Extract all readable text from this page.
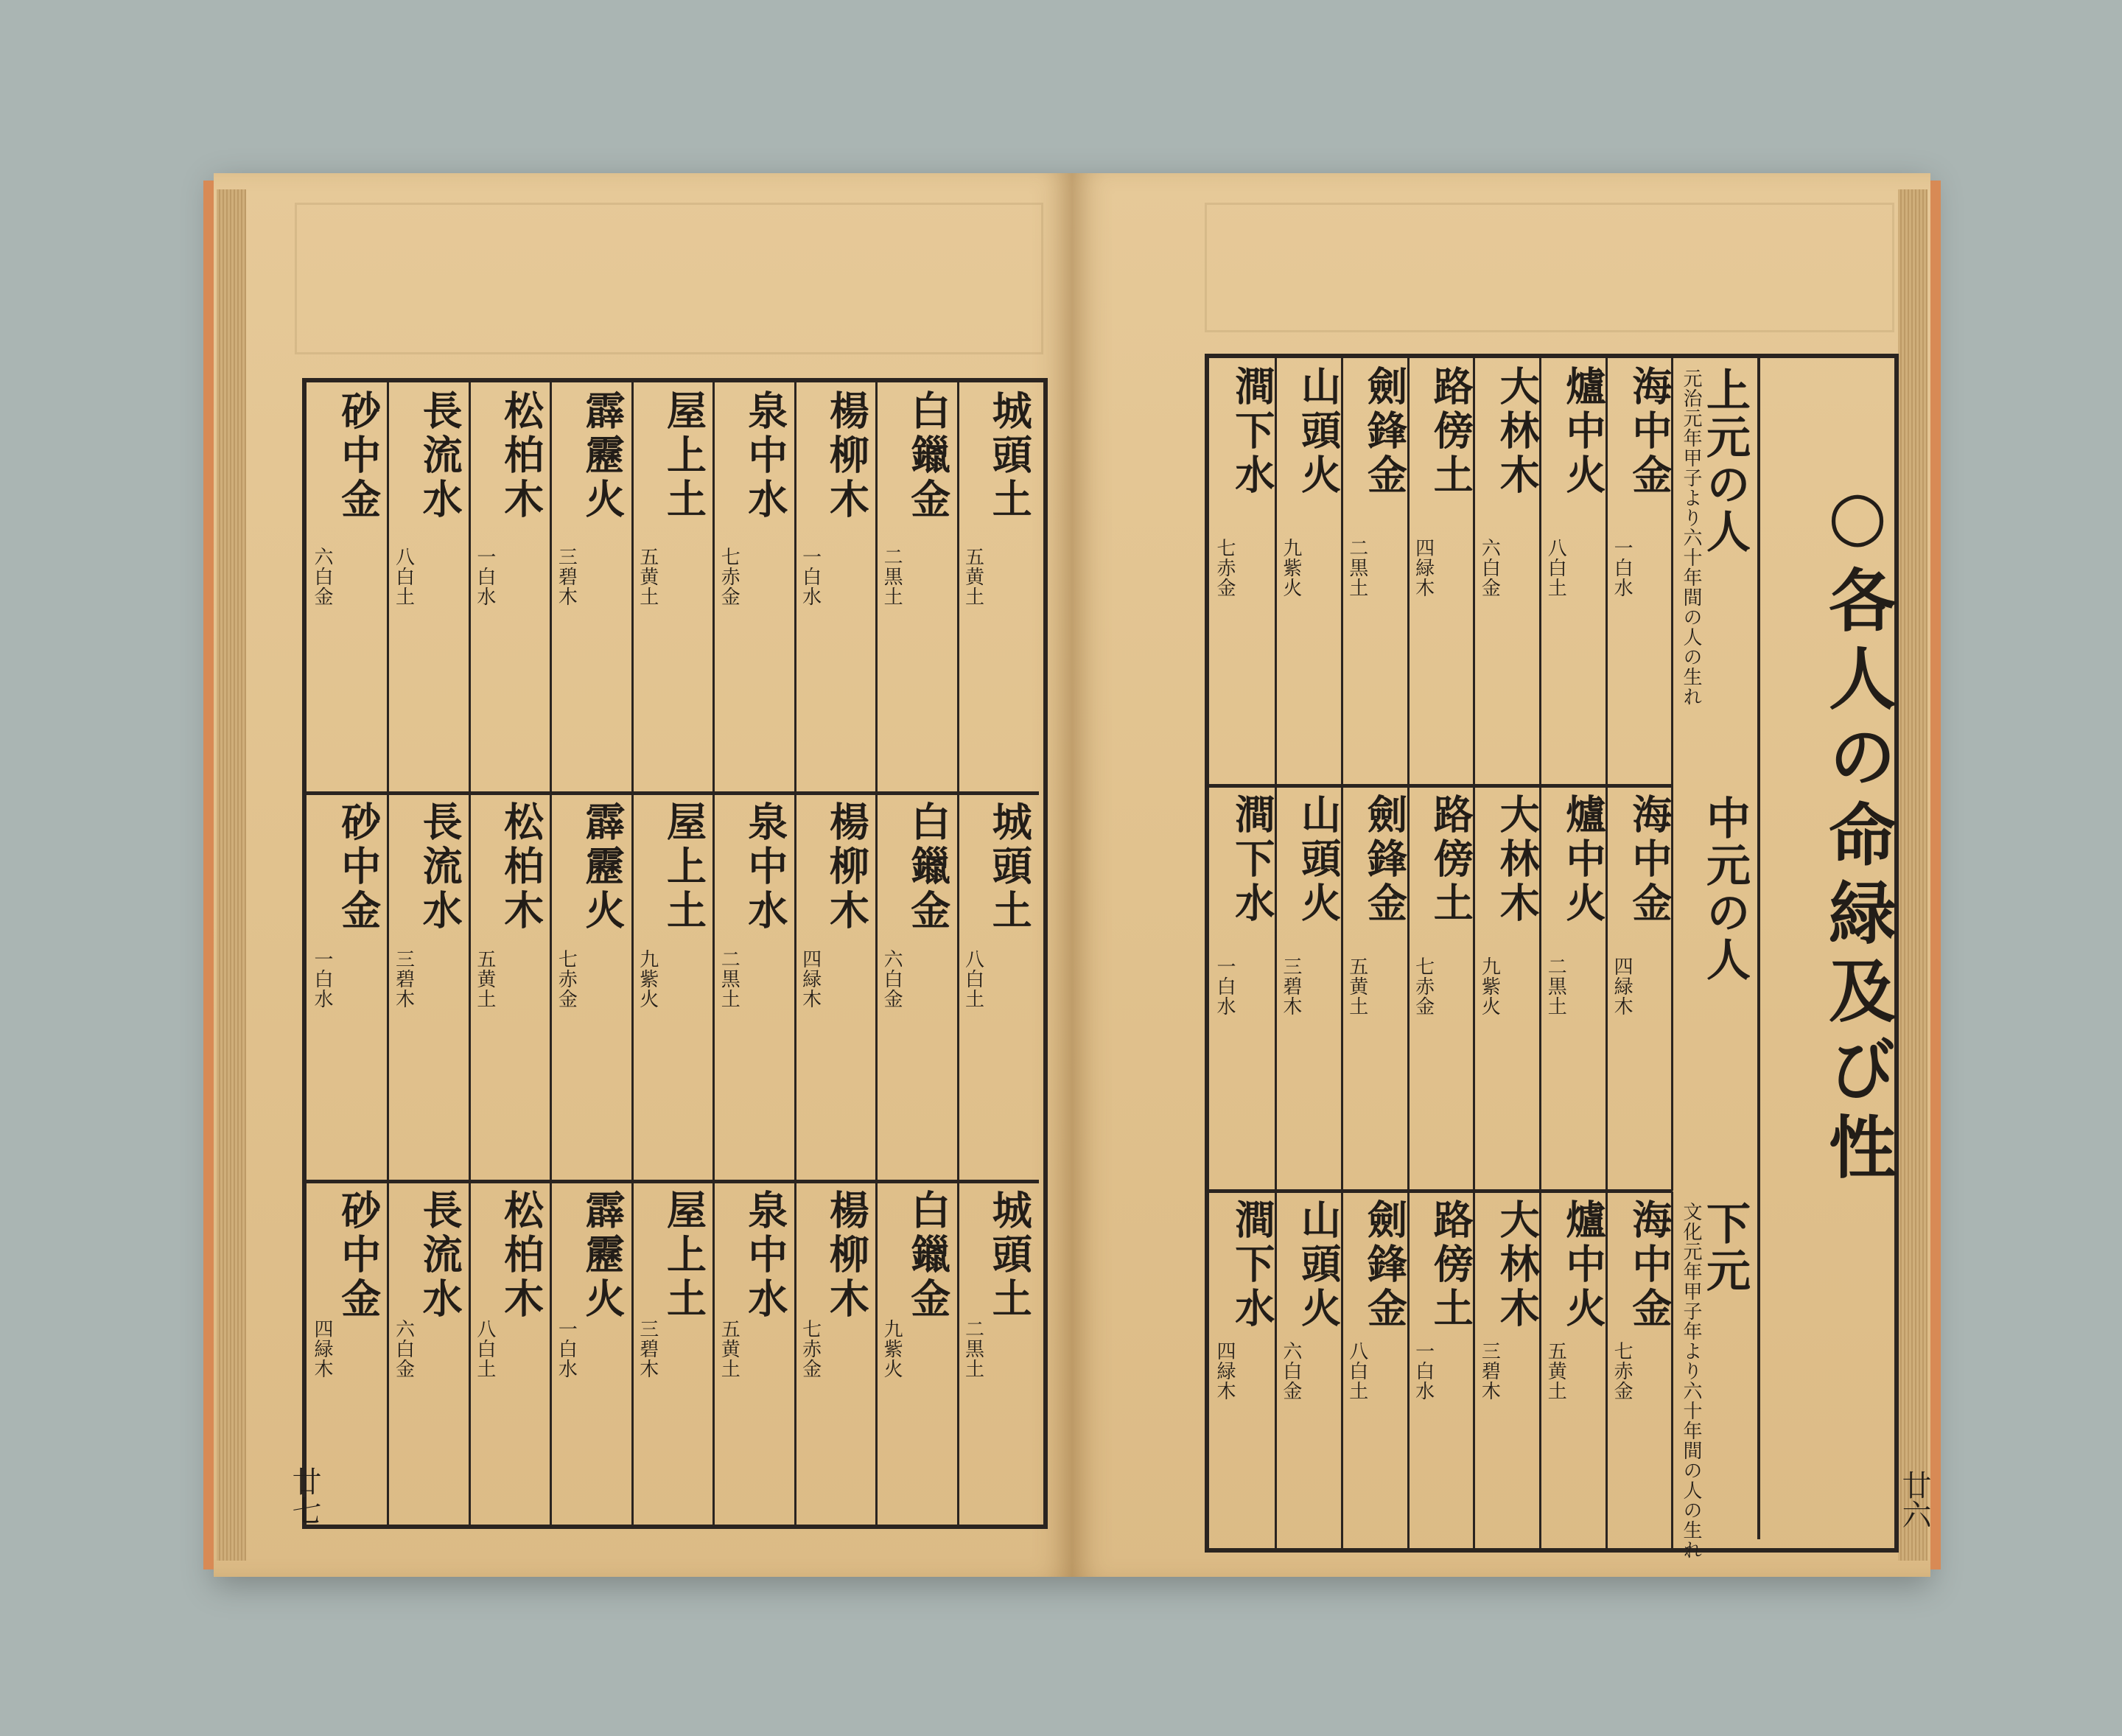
廿七
城頭土
五黄土
白鑞金
二黒土
楊柳木
一白水
泉中水
七赤金
屋上土
五黄土
霹靂火
三碧木
松柏木
一白水
長流水
八白土
砂中金
六白金
城頭土
八白土
白鑞金
六白金
楊柳木
四緑木
泉中水
二黒土
屋上土
九紫火
霹靂火
七赤金
松柏木
五黄土
長流水
三碧木
砂中金
一白水
城頭土
二黒土
白鑞金
九紫火
楊柳木
七赤金
泉中水
五黄土
屋上土
三碧木
霹靂火
一白水
松柏木
八白土
長流水
六白金
砂中金
四緑木
○各人の命緑及び性
廿六
上元の人
元治元年甲子より六十年間の人の生れ
海中金
一白水
爐中火
八白土
大林木
六白金
路傍土
四緑木
劍鋒金
二黒土
山頭火
九紫火
澗下水
七赤金
中元の人
海中金
四緑木
爐中火
二黒土
大林木
九紫火
路傍土
七赤金
劍鋒金
五黄土
山頭火
三碧木
澗下水
一白水
下元
文化元年甲子年より六十年間の人の生れ
海中金
七赤金
爐中火
五黄土
大林木
三碧木
路傍土
一白水
劍鋒金
八白土
山頭火
六白金
澗下水
四緑木
